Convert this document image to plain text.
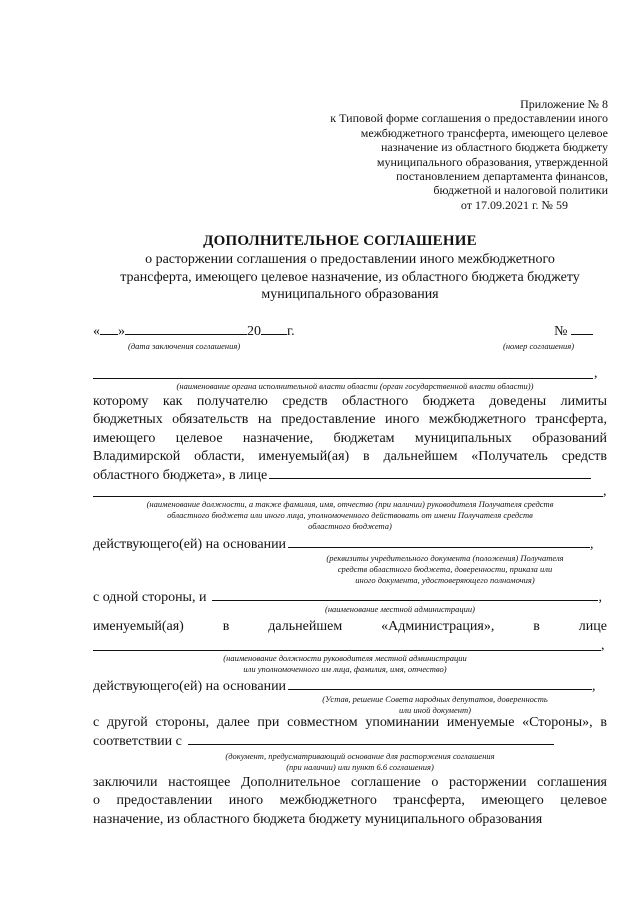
Приложение № 8
к Типовой форме соглашения о предоставлении иного
межбюджетного трансферта, имеющего целевое
назначение из областного бюджета бюджету
муниципального образования, утвержденной
постановлением департамента финансов,
бюджетной и налоговой политики
от 17.09.2021 г. № 59
ДОПОЛНИТЕЛЬНОЕ СОГЛАШЕНИЕ
о расторжении соглашения о предоставлении иного межбюджетного
трансферта, имеющего целевое назначение, из областного бюджета бюджету
муниципального образования
« »	20 г.	№
(дата заключения соглашения)	(номер соглашения)
,
(наименование органа исполнительной власти области (орган государственной власти области))
которому как получателю средств областного бюджета доведены лимиты
бюджетных обязательств на предоставление иного межбюджетного трансферта,
имеющего целевое назначение, бюджетам муниципальных образований
Владимирской области, именуемый(ая) в дальнейшем «Получатель средств
областного бюджета», в лице
,
(наименование должности, а также фамилия, имя, отчество (при наличии) руководителя Получателя средств
областного бюджета или иного лица, уполномоченного действовать от имени Получателя средств
областного бюджета)
действующего(ей) на основании	,
(реквизиты учредительного документа (положения) Получателя
средств областного бюджета, доверенности, приказа или
иного документа, удостоверяющего полномочия)
с одной стороны, и	,
(наименование местной администрации)
именуемый(ая)	в	дальнейшем	«Администрация»,	в	лице
,
(наименование должности руководителя местной администрации
или уполномоченного им лица, фамилия, имя, отчество)
действующего(ей) на основании	,
(Устав, решение Совета народных депутатов, доверенность
или иной документ)
с другой стороны, далее при совместном упоминании именуемые «Стороны», в
соответствии с
(документ, предусматривающий основание для расторжения соглашения
(при наличии) или пункт 6.6 соглашения)
заключили настоящее Дополнительное соглашение о расторжении соглашения
о предоставлении иного межбюджетного трансферта, имеющего целевое
назначение, из областного бюджета бюджету муниципального образования
